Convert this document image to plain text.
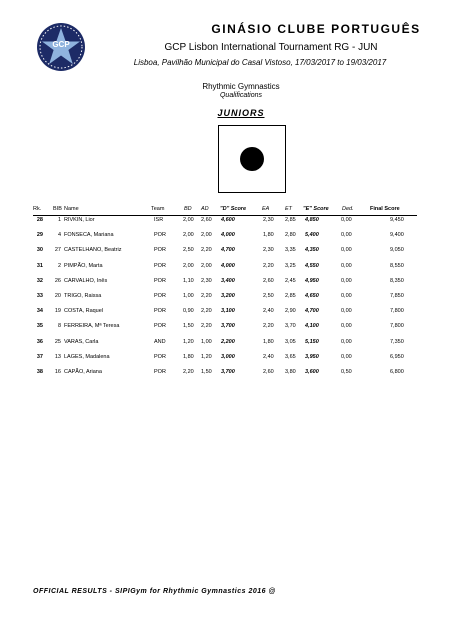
GCP
GINÁSIO CLUBE PORTUGUÊS
GCP Lisbon International Tournament RG - JUN
Lisboa, Pavilhão Municipal do Casal Vistoso, 17/03/2017 to 19/03/2017
Rhythmic Gymnastics
Qualifications
JUNIORS
Rk. BIB Name	Team	BD AD "D" Score	EA	ET "E" Score Ded.	Final Score
28	1 RIVKIN, Lior	ISR	2,00 2,60 4,600	2,30 2,85 4,850	0,00	9,450
29	4 FONSECA, Mariana	POR	2,00 2,00 4,000	1,80 2,80 5,400	0,00	9,400
30	27 CASTELHANO, Beatriz	POR	2,50 2,20 4,700	2,30 3,35 4,350	0,00	9,050
31	2 PIMPÃO, Marta	POR	2,00 2,00 4,000	2,20 3,25 4,550	0,00	8,550
32	26 CARVALHO, Inês	POR	1,10 2,30 3,400	2,60 2,45 4,950	0,00	8,350
33	20 TRIGO, Raissa	POR	1,00 2,20 3,200	2,50 2,85 4,650	0,00	7,850
34	19 COSTA, Raquel	POR	0,90 2,20 3,100	2,40 2,90 4,700	0,00	7,800
35	8 FERREIRA, Mª Teresa	POR	1,50 2,20 3,700	2,20 3,70 4,100	0,00	7,800
36	25 VARAS, Carla	AND	1,20 1,00 2,200	1,80 3,05 5,150	0,00	7,350
37	13 LAGES, Madalena	POR	1,80 1,20 3,000	2,40 3,65 3,950	0,00	6,950
38	16 CAPÃO, Ariana	POR	2,20 1,50 3,700	2,60 3,80 3,600	0,50	6,800
OFFICIAL RESULTS - SIPIGym for Rhythmic Gymnastics 2016 @
